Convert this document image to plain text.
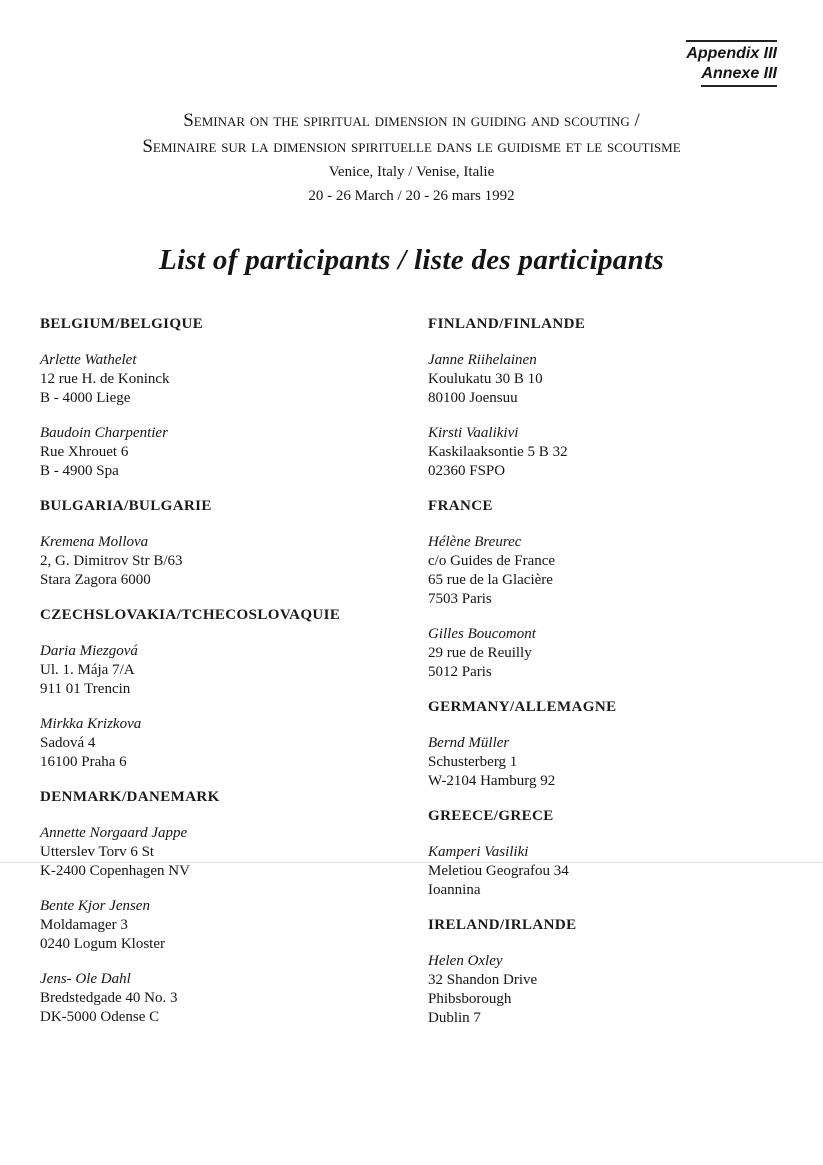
Appendix III
Annexe III
Seminar on the spiritual dimension in guiding and scouting /
Seminaire sur la dimension spirituelle dans le guidisme et le scoutisme
Venice, Italy / Venise, Italie
20 - 26 March / 20 - 26 mars 1992
List of participants / liste des participants
BELGIUM/BELGIQUE
Arlette Wathelet
12 rue H. de Koninck
B - 4000 Liege
Baudoin Charpentier
Rue Xhrouet 6
B - 4900 Spa
BULGARIA/BULGARIE
Kremena Mollova
2, G. Dimitrov Str B/63
Stara Zagora 6000
CZECHSLOVAKIA/TCHECOSLOVAQUIE
Daria Miezgová
Ul. 1. Mája 7/A
911 01 Trencin
Mirkka Krizkova
Sadová 4
16100 Praha 6
DENMARK/DANEMARK
Annette Norgaard Jappe
Utterslev Torv 6 St
K-2400 Copenhagen NV
Bente Kjor Jensen
Moldamager 3
0240 Logum Kloster
Jens- Ole Dahl
Bredstedgade 40 No. 3
DK-5000 Odense C
FINLAND/FINLANDE
Janne Riihelainen
Koulukatu 30 B 10
80100 Joensuu
Kirsti Vaalikivi
Kaskilaaksontie 5 B 32
02360 FSPO
FRANCE
Hélène Breurec
c/o Guides de France
65 rue de la Glacière
7503 Paris
Gilles Boucomont
29 rue de Reuilly
5012 Paris
GERMANY/ALLEMAGNE
Bernd Müller
Schusterberg 1
W-2104 Hamburg 92
GREECE/GRECE
Kamperi Vasiliki
Meletiou Geografou 34
Ioannina
IRELAND/IRLANDE
Helen Oxley
32 Shandon Drive
Phibsborough
Dublin 7
